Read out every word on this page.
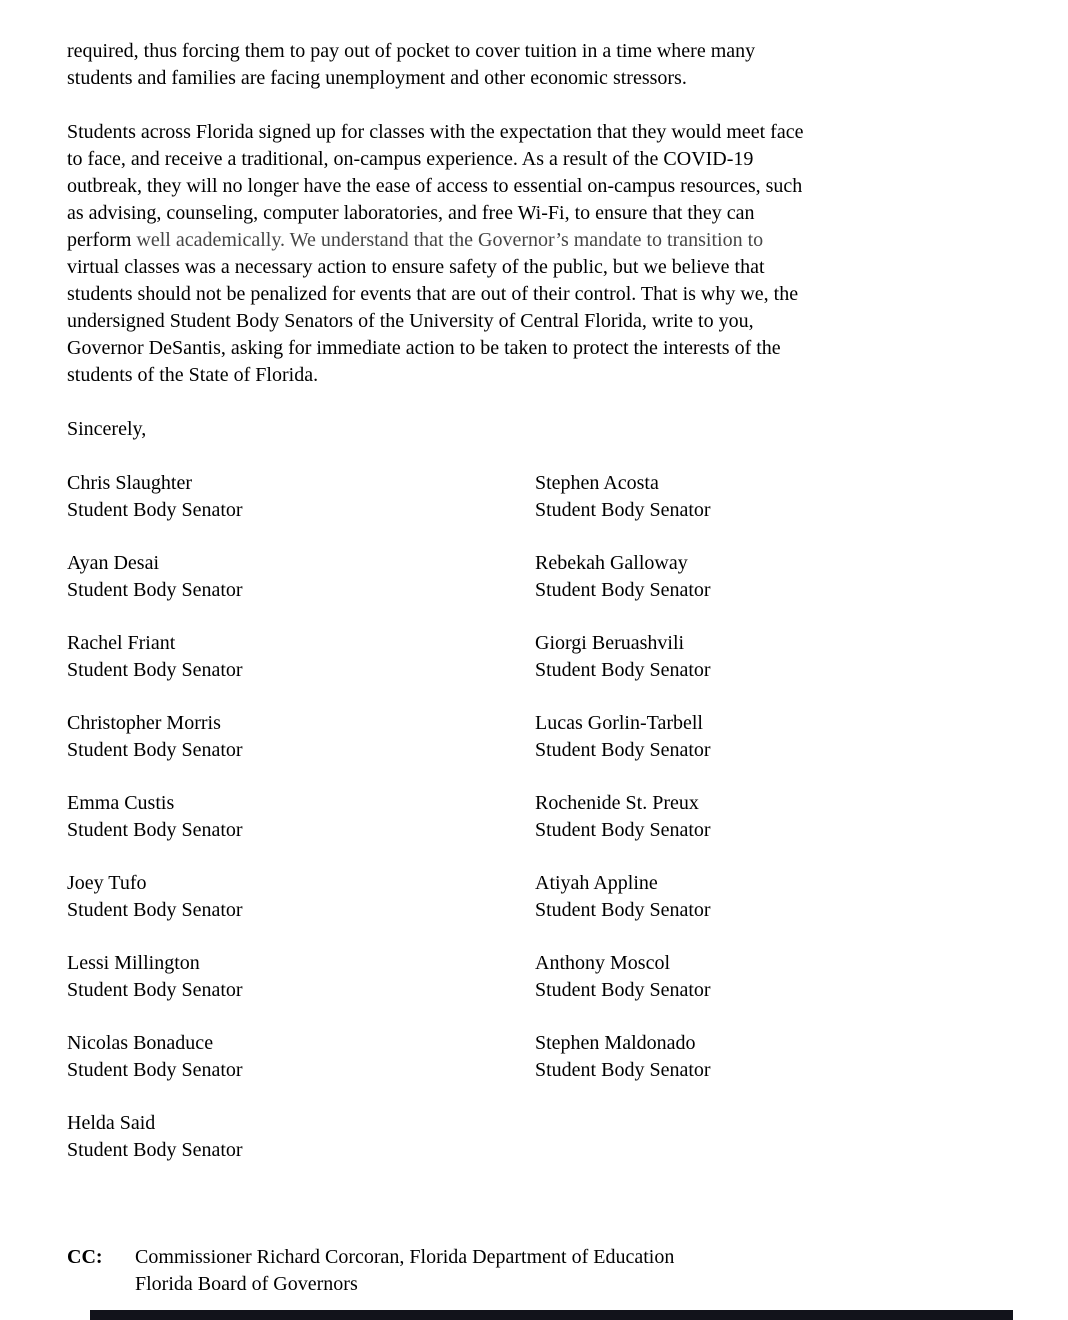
required, thus forcing them to pay out of pocket to cover tuition in a time where many
students and families are facing unemployment and other economic stressors.

Students across Florida signed up for classes with the expectation that they would meet face
to face, and receive a traditional, on-campus experience. As a result of the COVID-19
outbreak, they will no longer have the ease of access to essential on-campus resources, such
as advising, counseling, computer laboratories, and free Wi-Fi, to ensure that they can
perform well academically. We understand that the Governor’s mandate to transition to
virtual classes was a necessary action to ensure safety of the public, but we believe that
students should not be penalized for events that are out of their control. That is why we, the
undersigned Student Body Senators of the University of Central Florida, write to you,
Governor DeSantis, asking for immediate action to be taken to protect the interests of the
students of the State of Florida.

Sincerely,
Chris Slaughter
Student Body Senator
Stephen Acosta
Student Body Senator
Ayan Desai
Student Body Senator
Rebekah Galloway
Student Body Senator
Rachel Friant
Student Body Senator
Giorgi Beruashvili
Student Body Senator
Christopher Morris
Student Body Senator
Lucas Gorlin-Tarbell
Student Body Senator
Emma Custis
Student Body Senator
Rochenide St. Preux
Student Body Senator
Joey Tufo
Student Body Senator
Atiyah Appline
Student Body Senator
Lessi Millington
Student Body Senator
Anthony Moscol
Student Body Senator
Nicolas Bonaduce
Student Body Senator
Stephen Maldonado
Student Body Senator
Helda Said
Student Body Senator
CC:	Commissioner Richard Corcoran, Florida Department of Education
Florida Board of Governors
